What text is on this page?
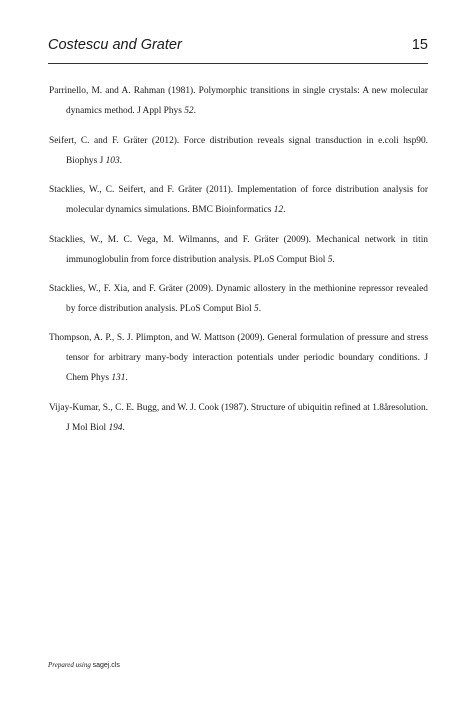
Costescu and Grater	15

Parrinello, M. and A. Rahman (1981). Polymorphic transitions in single crystals: A new molecular dynamics method. J Appl Phys 52.

Seifert, C. and F. Gräter (2012). Force distribution reveals signal transduction in e.coli hsp90. Biophys J 103.

Stacklies, W., C. Seifert, and F. Gräter (2011). Implementation of force distribution analysis for molecular dynamics simulations. BMC Bioinformatics 12.

Stacklies, W., M. C. Vega, M. Wilmanns, and F. Gräter (2009). Mechanical network in titin immunoglobulin from force distribution analysis. PLoS Comput Biol 5.

Stacklies, W., F. Xia, and F. Gräter (2009). Dynamic allostery in the methionine repressor revealed by force distribution analysis. PLoS Comput Biol 5.

Thompson, A. P., S. J. Plimpton, and W. Mattson (2009). General formulation of pressure and stress tensor for arbitrary many-body interaction potentials under periodic boundary conditions. J Chem Phys 131.

Vijay-Kumar, S., C. E. Bugg, and W. J. Cook (1987). Structure of ubiquitin refined at 1.8åresolution. J Mol Biol 194.

Prepared using sagej.cls
